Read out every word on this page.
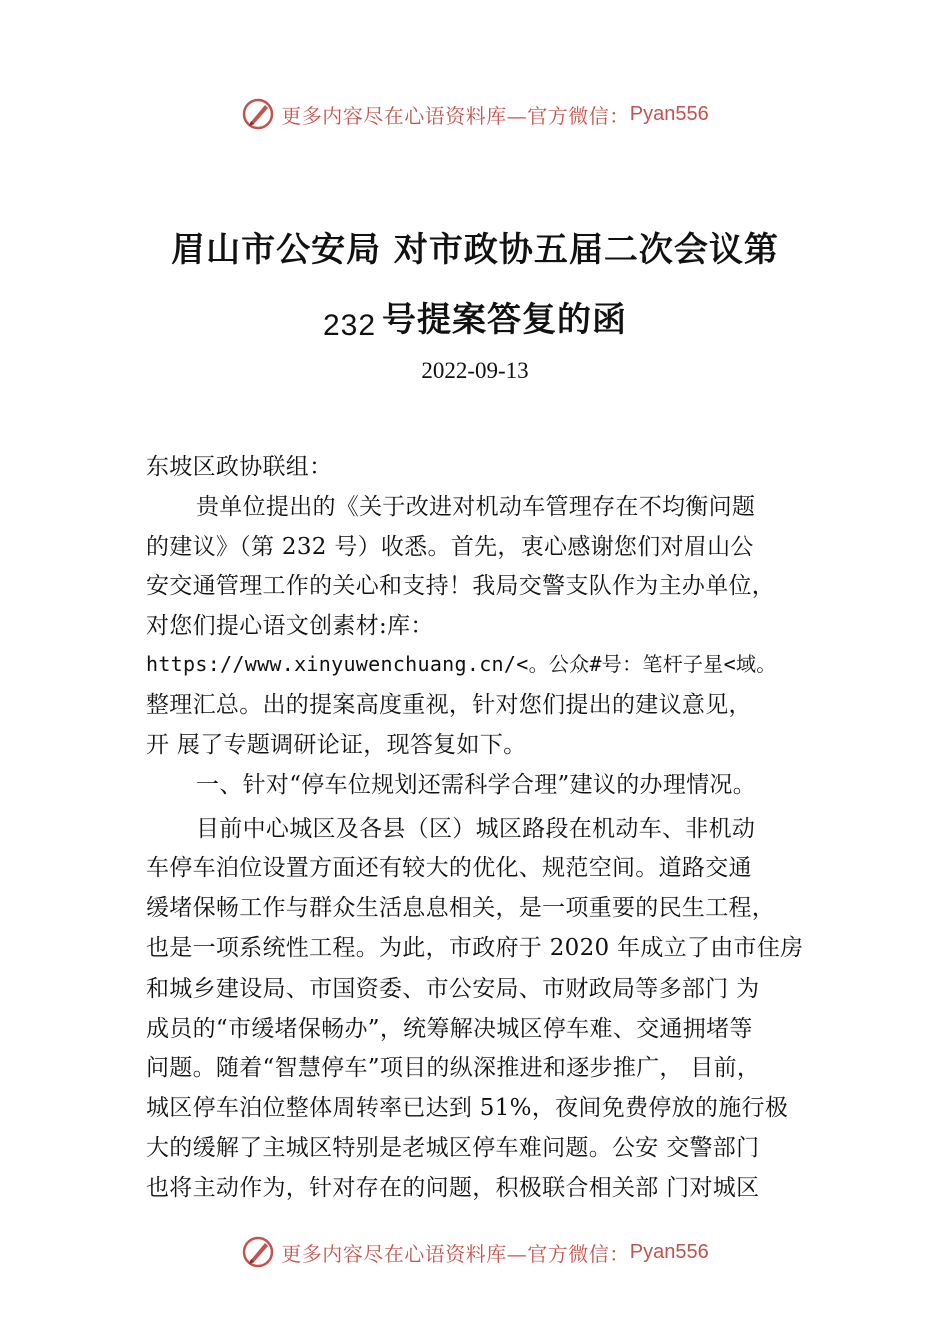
更多内容尽在心语资料库—官方微信： Pyan556
眉山市公安局 对市政协五届二次会议第
232 号提案答复的函
2022-09-13
东坡区政协联组：
贵单位提出的《关于改进对机动车管理存在不均衡问题
的建议》（第 232 号）收悉。首先，衷心感谢您们对眉山公
安交通管理工作的关心和支持！我局交警支队作为主办单位，
对您们提心语文创素材:库：
https://www.xinyuwenchuang.cn/<。公众#号：笔杆子星<域。
整理汇总。出的提案高度重视，针对您们提出的建议意见，
开 展了专题调研论证，现答复如下。
一、针对“停车位规划还需科学合理”建议的办理情况。
目前中心城区及各县（区）城区路段在机动车、非机动
车停车泊位设置方面还有较大的优化、规范空间。道路交通
缓堵保畅工作与群众生活息息相关，是一项重要的民生工程，
也是一项系统性工程。为此，市政府于 2020 年成立了由市住房
和城乡建设局、市国资委、市公安局、市财政局等多部门 为
成员的“市缓堵保畅办”，统筹解决城区停车难、交通拥堵等
问题。随着“智慧停车”项目的纵深推进和逐步推广， 目前，
城区停车泊位整体周转率已达到 51%，夜间免费停放的施行极
大的缓解了主城区特别是老城区停车难问题。公安 交警部门
也将主动作为，针对存在的问题，积极联合相关部 门对城区
更多内容尽在心语资料库—官方微信： Pyan556
